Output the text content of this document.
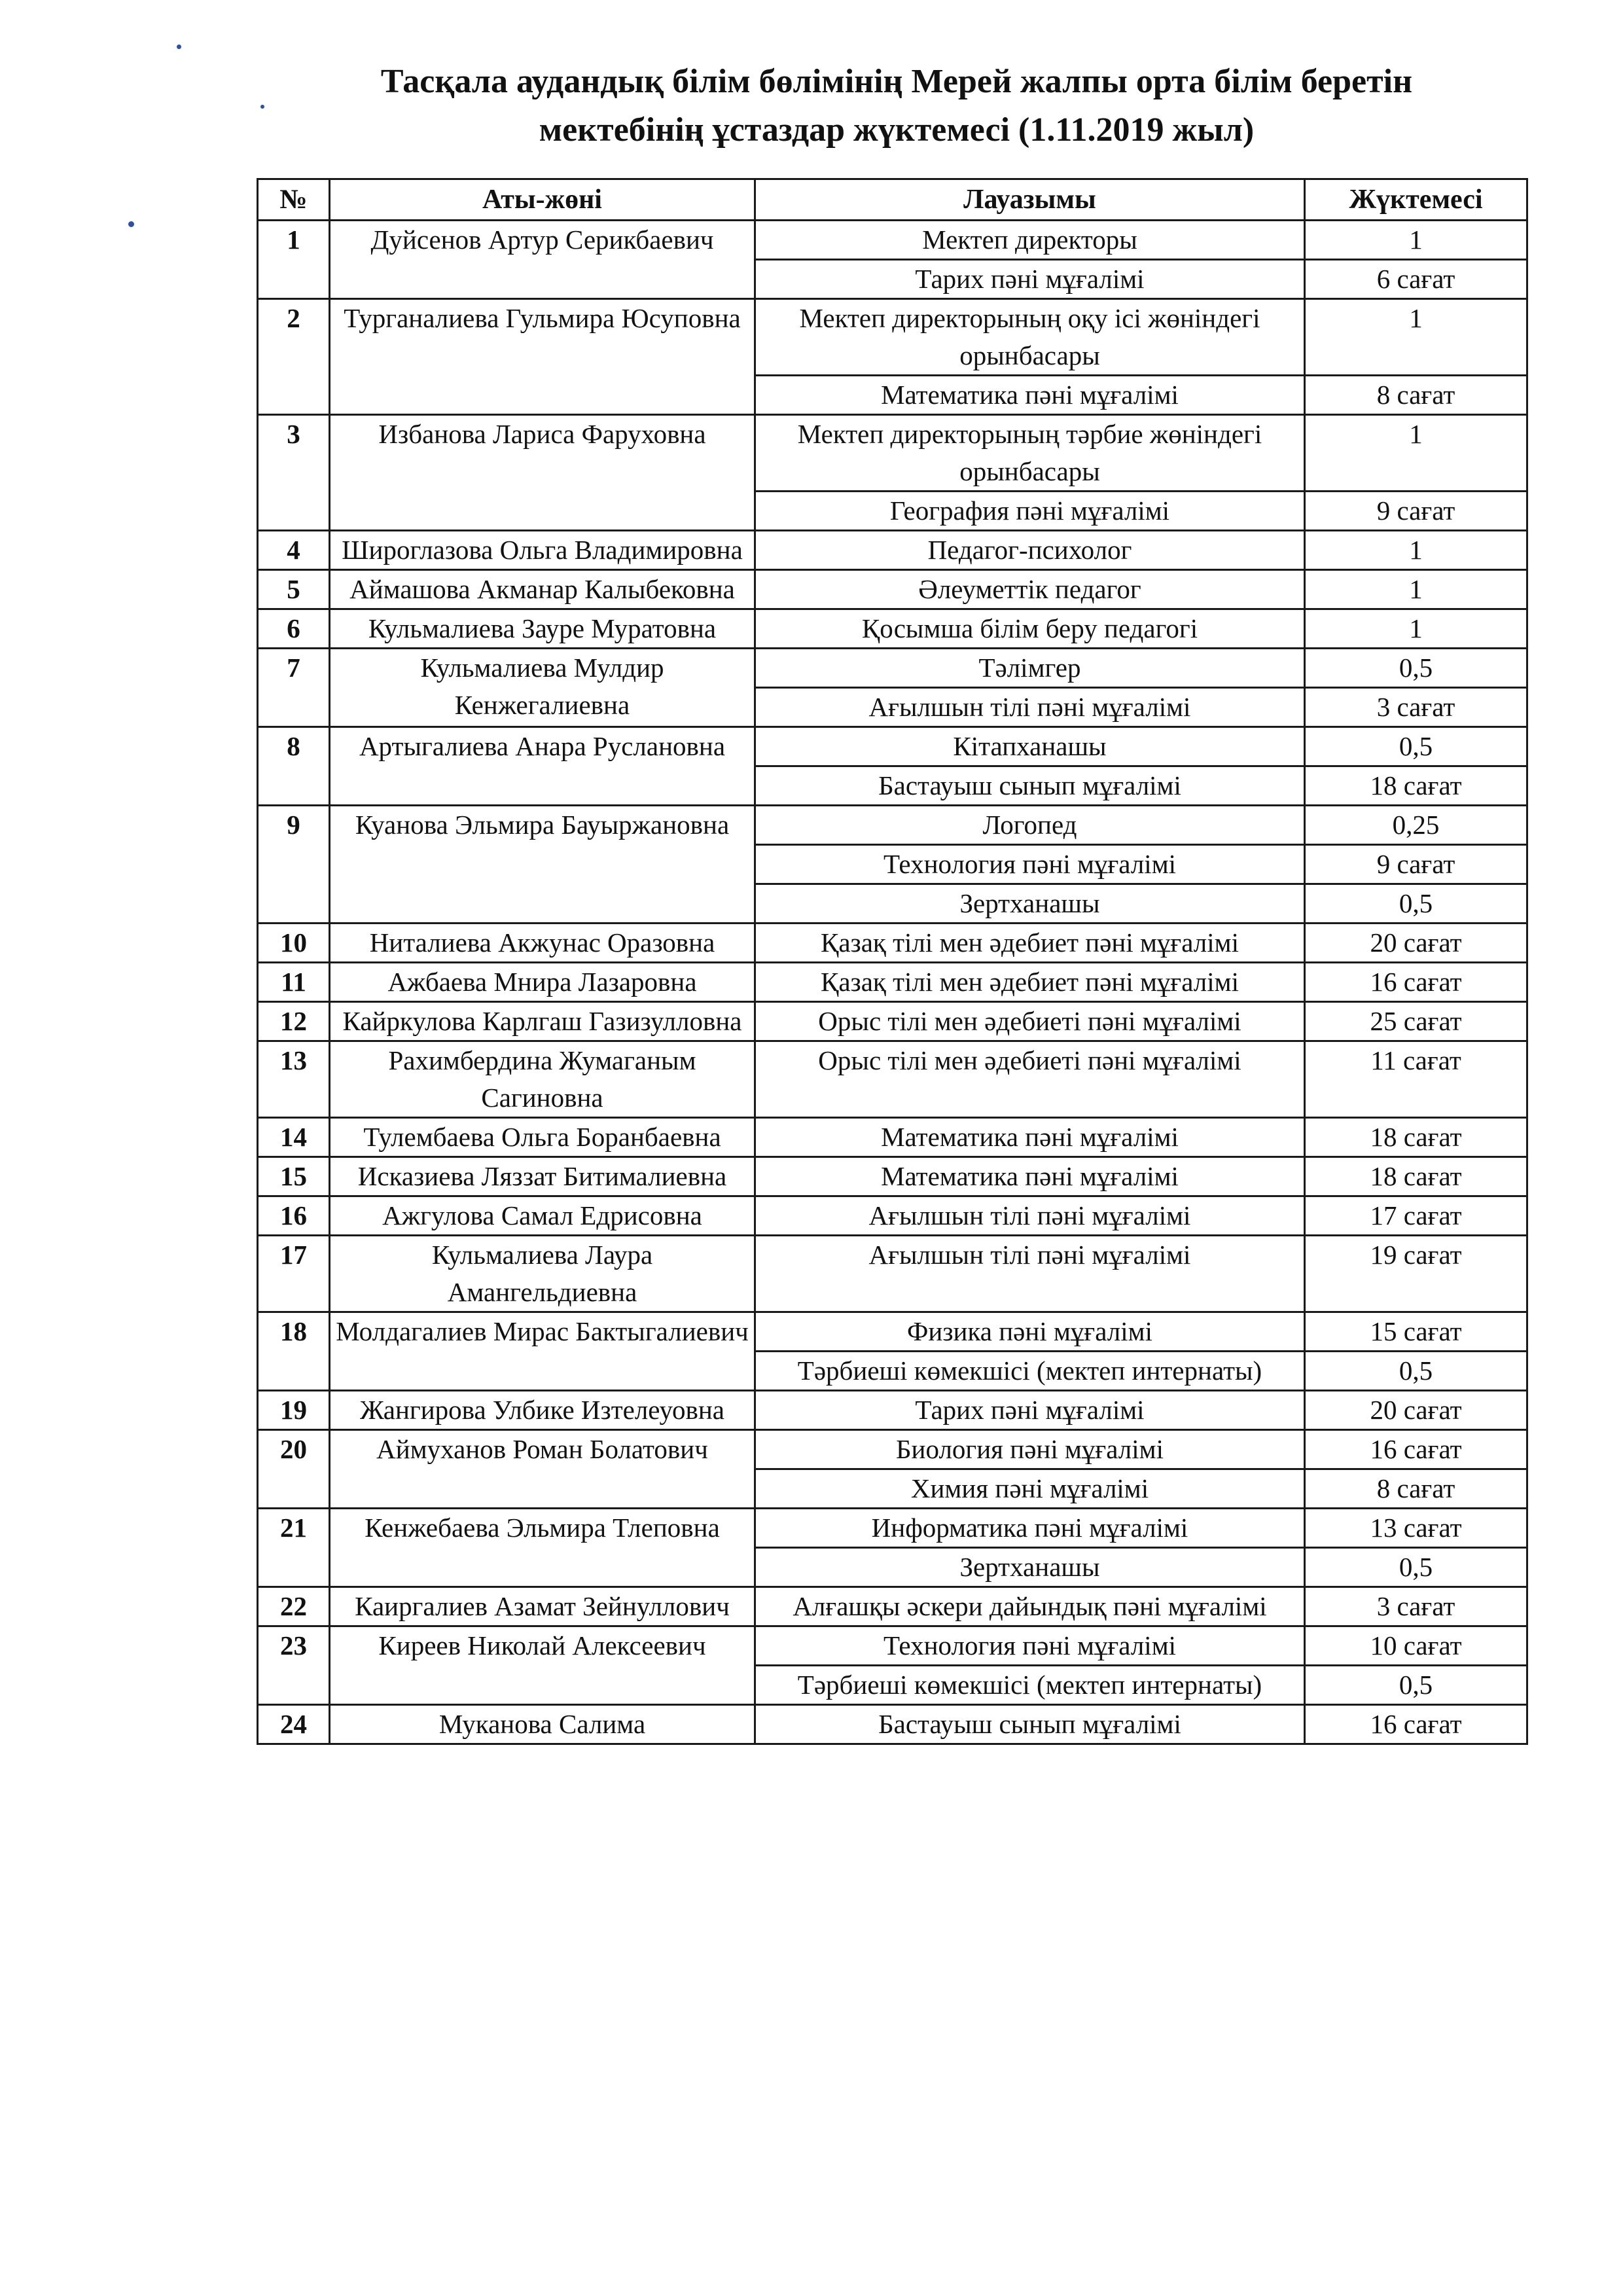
Тасқала аудандық білім бөлімінің Мерей жалпы орта білім беретін
мектебінің ұстаздар жүктемесі (1.11.2019 жыл)
№	Аты-жөні	Лауазымы	Жүктемесі
1	Дуйсенов Артур Серикбаевич	Мектеп директоры	1
		Тарих пәні мұғалімі	6 сағат
2	Турганалиева Гульмира Юсуповна	Мектеп директорының оқу ісі жөніндегі орынбасары	1
		Математика пәні мұғалімі	8 сағат
3	Избанова Лариса Фаруховна	Мектеп директорының тәрбие жөніндегі орынбасары	1
		География пәні мұғалімі	9 сағат
4	Широглазова Ольга Владимировна	Педагог-психолог	1
5	Аймашова Акманар Калыбековна	Әлеуметтік педагог	1
6	Кульмалиева Зауре Муратовна	Қосымша білім беру педагогі	1
7	Кульмалиева Мулдир Кенжегалиевна	Тәлімгер	0,5
		Ағылшын тілі пәні мұғалімі	3 сағат
8	Артыгалиева Анара Руслановна	Кітапханашы	0,5
		Бастауыш сынып мұғалімі	18 сағат
9	Куанова Эльмира Бауыржановна	Логопед	0,25
		Технология пәні мұғалімі	9 сағат
		Зертханашы	0,5
10	Ниталиева Акжунас Оразовна	Қазақ тілі мен әдебиет пәні мұғалімі	20 сағат
11	Ажбаева Мнира Лазаровна	Қазақ тілі мен әдебиет пәні мұғалімі	16 сағат
12	Кайркулова Карлгаш Газизулловна	Орыс тілі мен әдебиеті пәні мұғалімі	25 сағат
13	Рахимбердина Жумаганым Сагиновна	Орыс тілі мен әдебиеті пәні мұғалімі	11 сағат
14	Тулембаева Ольга Боранбаевна	Математика пәні мұғалімі	18 сағат
15	Исказиева Ляззат Битималиевна	Математика пәні мұғалімі	18 сағат
16	Ажгулова Самал Едрисовна	Ағылшын тілі пәні мұғалімі	17 сағат
17	Кульмалиева Лаура Амангельдиевна	Ағылшын тілі пәні мұғалімі	19 сағат
18	Молдагалиев Мирас Бактыгалиевич	Физика пәні мұғалімі	15 сағат
		Тәрбиеші көмекшісі (мектеп интернаты)	0,5
19	Жангирова Улбике Изтелеуовна	Тарих пәні мұғалімі	20 сағат
20	Аймуханов Роман Болатович	Биология пәні мұғалімі	16 сағат
		Химия пәні мұғалімі	8 сағат
21	Кенжебаева Эльмира Тлеповна	Информатика пәні мұғалімі	13 сағат
		Зертханашы	0,5
22	Каиргалиев Азамат Зейнуллович	Алғашқы әскери дайындық пәні мұғалімі	3 сағат
23	Киреев Николай Алексеевич	Технология пәні мұғалімі	10 сағат
		Тәрбиеші көмекшісі (мектеп интернаты)	0,5
24	Муканова Салима	Бастауыш сынып мұғалімі	16 сағат
